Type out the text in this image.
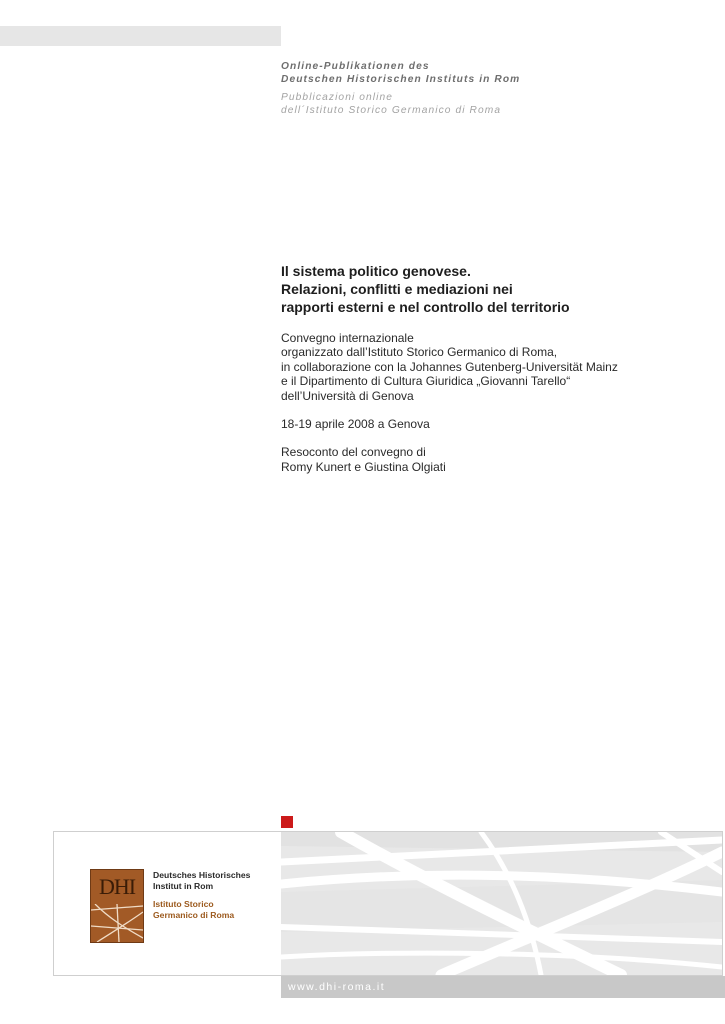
Online-Publikationen des
Deutschen Historischen Instituts in Rom
Pubblicazioni online
dell´Istituto Storico Germanico di Roma
Il sistema politico genovese.
Relazioni, conflitti e mediazioni nei
rapporti esterni e nel controllo del territorio
Convegno internazionale
organizzato dall’Istituto Storico Germanico di Roma,
in collaborazione con la Johannes Gutenberg-Universität Mainz
e il Dipartimento di Cultura Giuridica „Giovanni Tarello“
dell’Università di Genova
18-19 aprile 2008 a Genova
Resoconto del convegno di
Romy Kunert e Giustina Olgiati
www.dhi-roma.it
DHI	Deutsches Historisches
Institut in Rom
Istituto Storico
Germanico di Roma
